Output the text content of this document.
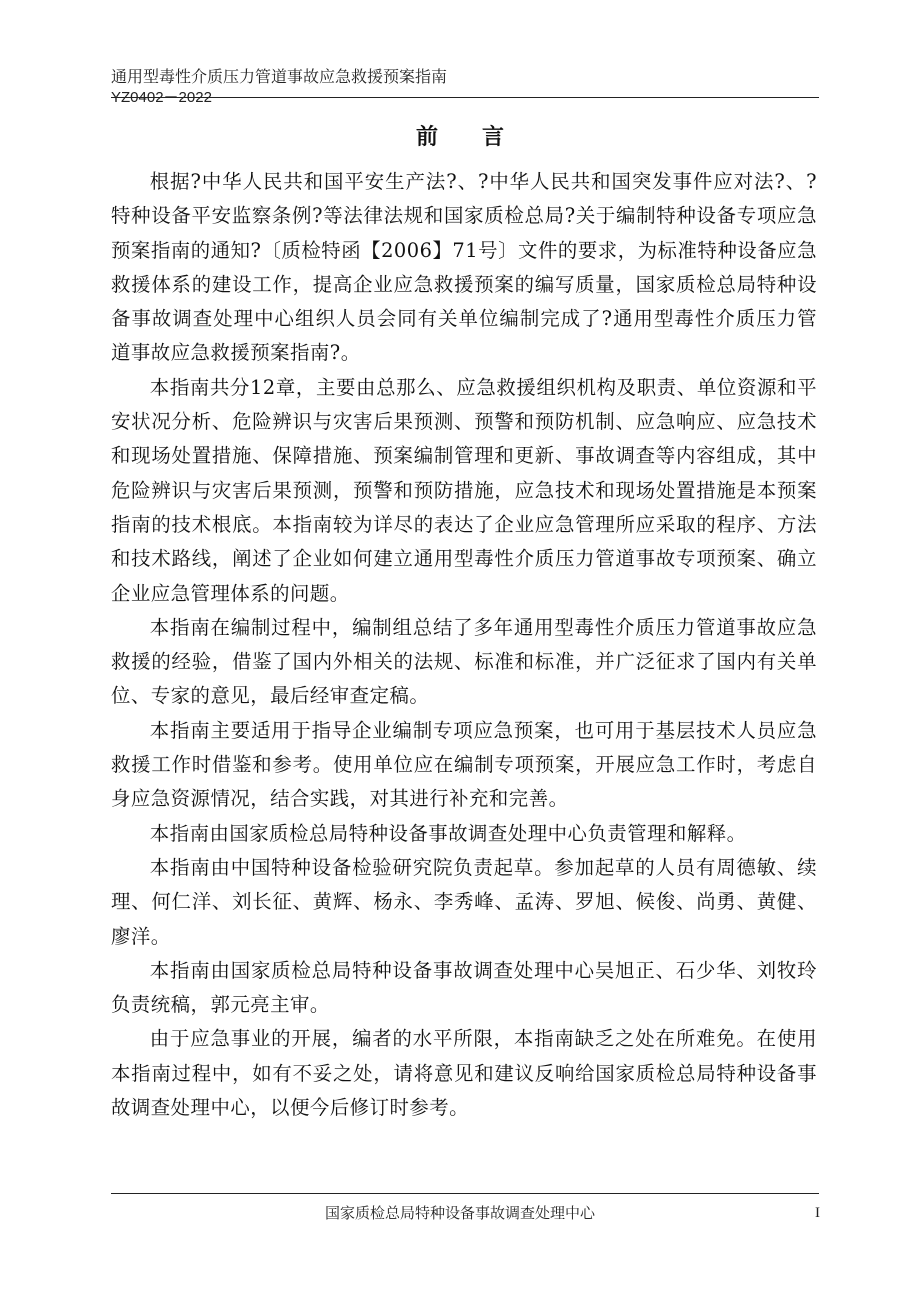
通用型毒性介质压力管道事故应急救援预案指南
YZ0402－2022
前言

根据?中华人民共和国平安生产法?、?中华人民共和国突发事件应对法?、?特种设备平安监察条例?等法律法规和国家质检总局?关于编制特种设备专项应急预案指南的通知?〔质检特函【2006】71号〕文件的要求，为标准特种设备应急救援体系的建设工作，提高企业应急救援预案的编写质量，国家质检总局特种设备事故调查处理中心组织人员会同有关单位编制完成了?通用型毒性介质压力管道事故应急救援预案指南?。

本指南共分12章，主要由总那么、应急救援组织机构及职责、单位资源和平安状况分析、危险辨识与灾害后果预测、预警和预防机制、应急响应、应急技术和现场处置措施、保障措施、预案编制管理和更新、事故调查等内容组成，其中危险辨识与灾害后果预测，预警和预防措施，应急技术和现场处置措施是本预案指南的技术根底。本指南较为详尽的表达了企业应急管理所应采取的程序、方法和技术路线，阐述了企业如何建立通用型毒性介质压力管道事故专项预案、确立企业应急管理体系的问题。

本指南在编制过程中，编制组总结了多年通用型毒性介质压力管道事故应急救援的经验，借鉴了国内外相关的法规、标准和标准，并广泛征求了国内有关单位、专家的意见，最后经审查定稿。

本指南主要适用于指导企业编制专项应急预案，也可用于基层技术人员应急救援工作时借鉴和参考。使用单位应在编制专项预案，开展应急工作时，考虑自身应急资源情况，结合实践，对其进行补充和完善。

本指南由国家质检总局特种设备事故调查处理中心负责管理和解释。

本指南由中国特种设备检验研究院负责起草。参加起草的人员有周德敏、续理、何仁洋、刘长征、黄辉、杨永、李秀峰、孟涛、罗旭、候俊、尚勇、黄健、廖洋。

本指南由国家质检总局特种设备事故调查处理中心吴旭正、石少华、刘牧玲负责统稿，郭元亮主审。

由于应急事业的开展，编者的水平所限，本指南缺乏之处在所难免。在使用本指南过程中，如有不妥之处，请将意见和建议反响给国家质检总局特种设备事故调查处理中心，以便今后修订时参考。

国家质检总局特种设备事故调查处理中心	I
